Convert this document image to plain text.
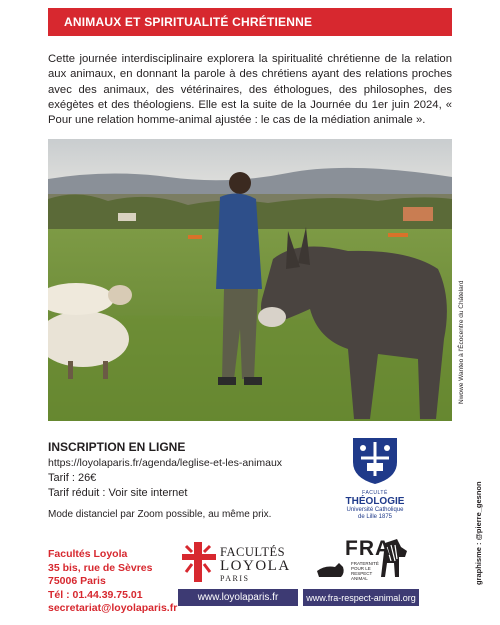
ANIMAUX ET SPIRITUALITÉ CHRÉTIENNE

Cette journée interdisciplinaire explorera la spiritualité chrétienne de la relation aux animaux, en donnant la parole à des chrétiens ayant des relations proches avec des animaux, des vétérinaires, des éthologues, des philosophes, des exégètes et des théologiens. Elle est la suite de la Journée du 1er juin 2024, « Pour une relation homme-animal ajustée : le cas de la médiation animale ».

Nwowe Wanteo à l'Écocentre du Châtelard
INSCRIPTION EN LIGNE
https://loyolaparis.fr/agenda/leglise-et-les-animaux
Tarif : 26€
Tarif réduit : Voir site internet
Mode distanciel par Zoom possible, au même prix.
FACULTÉ
THÉOLOGIE
Université Catholique
de Lille 1875	graphisme : @pierre_gesnon
Facultés Loyola
35 bis, rue de Sèvres
75006 Paris
Tél : 01.44.39.75.01
secretariat@loyolaparis.fr
FACULTÉS
LOYOLA
PARIS
FRA
FRATERNITÉ
POUR LE
RESPECT
ANIMAL
www.loyolaparis.fr	www.fra-respect-animal.org
